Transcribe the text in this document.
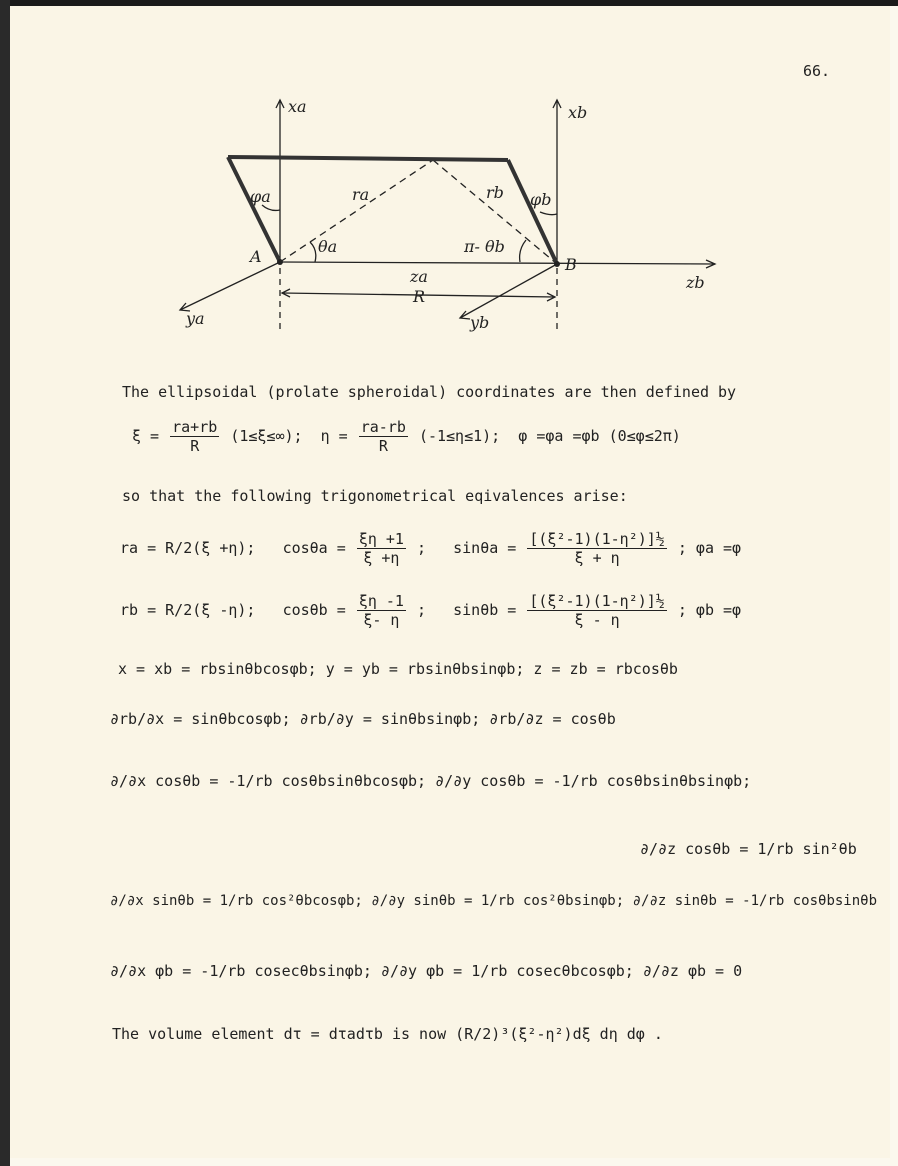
66.
xa	xb
ya	yb
zb
za
A	B
R
ra	rb
φa	φb
θa	π- θb
The ellipsoidal (prolate spheroidal) coordinates are then defined by
$\xi = \frac{ra+rb}{R} (1\le\xi\le\infty)$; $\eta = \frac{ra-rb}{R} (-1\le\eta\le 1)$; φ =φa =φb (0≤φ≤2π)
so that the following trigonometrical eqivalences arise:
ra = R/2(ξ +η); $\cos\theta a = \frac{\xi\eta +1}{\xi +\eta}$ ;   $\sin\theta a = \frac{\text{[(ξ²-1)(1-η²)]½}}{\xi + \eta}$ ; φa =φ
rb = R/2(ξ -η); $\cos\theta b = \frac{\xi\eta -1}{\xi- \eta}$ ;   $\sin\theta b = \frac{\text{[(ξ²-1)(1-η²)]½}}{\xi - \eta}$ ; φb =φ
x = xb = rbsinθbcosφb; y = yb = rbsinθbsinφb; z = zb = rbcosθb
∂rb/∂x = sinθbcosφb; ∂rb/∂y = sinθbsinφb; ∂rb/∂z = cosθb
∂/∂x cosθb = -1/rb cosθbsinθbcosφb; ∂/∂y cosθb = -1/rb cosθbsinθbsinφb;
∂/∂z cosθb = 1/rb sin²θb
∂/∂x sinθb = 1/rb cos²θbcosφb; ∂/∂y sinθb = 1/rb cos²θbsinφb; ∂/∂z sinθb = -1/rb cosθbsinθb
∂/∂x φb = -1/rb cosecθbsinφb; ∂/∂y φb = 1/rb cosecθbcosφb; ∂/∂z φb = 0
The volume element dτ = dτadτb is now (R/2)³(ξ²-η²)dξ dη dφ .
